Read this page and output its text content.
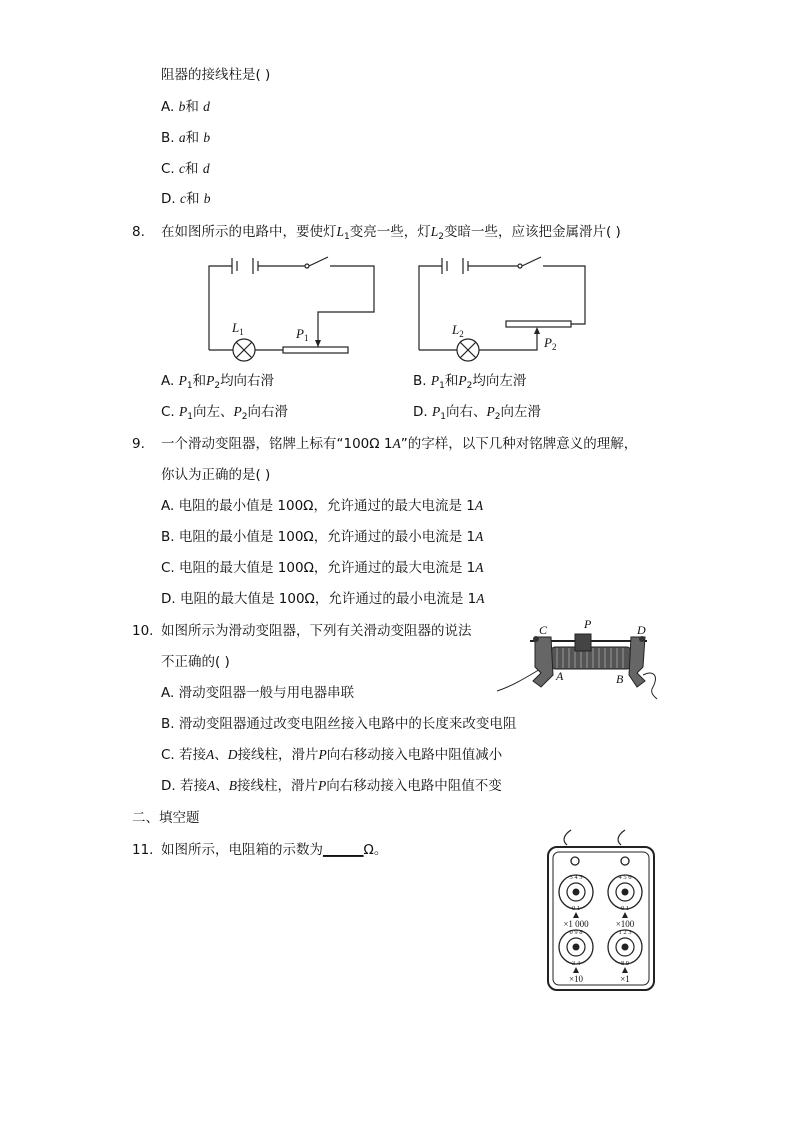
阻器的接线柱是( )
A. b和 d
B. a和 b
C. c和 d
D. c和 b
8. 在如图所示的电路中，要使灯$L_1$变亮一些，灯$L_2$变暗一些，应该把金属滑片( )
$L_1$	$P_1$
$L_2$
$P_2$
A. $P_1$和$P_2$均向右滑	B. $P_1$和$P_2$均向左滑
C. $P_1$向左、$P_2$向右滑	D. $P_1$向右、$P_2$向左滑
9. 一个滑动变阻器，铭牌上标有“100Ω 1A”的字样，以下几种对铭牌意义的理解，
你认为正确的是( )
A. 电阻的最小值是 100Ω，允许通过的最大电流是 1A
B. 电阻的最小值是 100Ω，允许通过的最小电流是 1A
C. 电阻的最大值是 100Ω，允许通过的最大电流是 1A
D. 电阻的最大值是 100Ω，允许通过的最小电流是 1A
10. 如图所示为滑动变阻器，下列有关滑动变阻器的说法
不正确的( )
C	P	D
A	B
A. 滑动变阻器一般与用电器串联
B. 滑动变阻器通过改变电阻丝接入电路中的长度来改变电阻
C. 若接A、D接线柱，滑片P向右移动接入电路中阻值减小
D. 若接A、B接线柱，滑片P向右移动接入电路中阻值不变
二、填空题
11. 如图所示，电阻箱的示数为______Ω。
3 4 5
0 1
4 5 6
0 1
0 9 8
3 4
1 2 3
8 9
×1 000	×100
×10	×1
